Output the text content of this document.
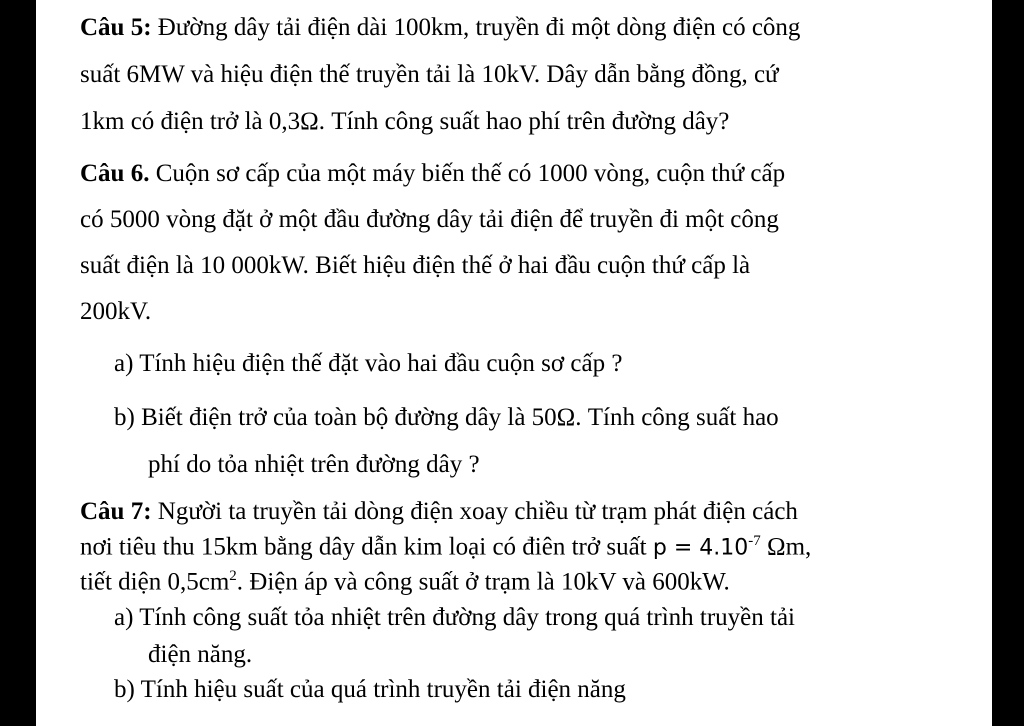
Câu 5: Đường dây tải điện dài 100km, truyền đi một dòng điện có công

suất 6MW và hiệu điện thế truyền tải là 10kV. Dây dẫn bằng đồng, cứ

1km có điện trở là 0,3Ω. Tính công suất hao phí trên đường dây?

Câu 6. Cuộn sơ cấp của một máy biến thế có 1000 vòng, cuộn thứ cấp

có 5000 vòng đặt ở một đầu đường dây tải điện để truyền đi một công

suất điện là 10 000kW. Biết hiệu điện thế ở hai đầu cuộn thứ cấp là

200kV.

a) Tính hiệu điện thế đặt vào hai đầu cuộn sơ cấp ?

b) Biết điện trở của toàn bộ đường dây là 50Ω. Tính công suất hao

phí do tỏa nhiệt trên đường dây ?

Câu 7: Người ta truyền tải dòng điện xoay chiều từ trạm phát điện cách

nơi tiêu thu 15km bằng dây dẫn kim loại có điên trở suất $p = 4.10^{-7}$ Ωm,

tiết diện $0,5cm^2$. Điện áp và công suất ở trạm là 10kV và 600kW.

a) Tính công suất tỏa nhiệt trên đường dây trong quá trình truyền tải

điện năng.

b) Tính hiệu suất của quá trình truyền tải điện năng
